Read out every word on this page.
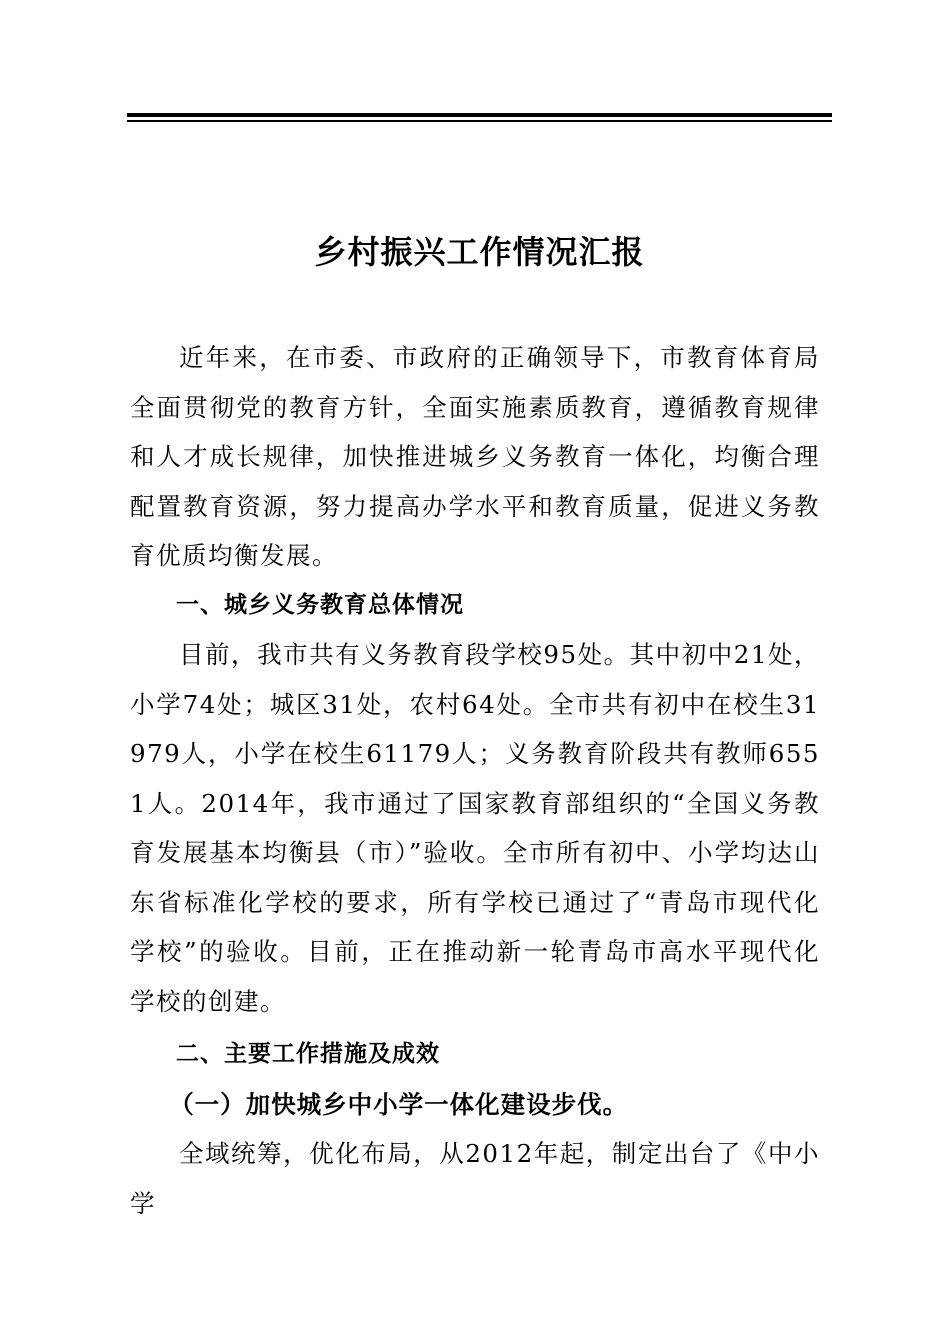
乡村振兴工作情况汇报

近年来，在市委、市政府的正确领导下，市教育体育局全面贯彻党的教育方针，全面实施素质教育，遵循教育规律和人才成长规律，加快推进城乡义务教育一体化，均衡合理配置教育资源，努力提高办学水平和教育质量，促进义务教育优质均衡发展。

一、城乡义务教育总体情况

目前，我市共有义务教育段学校95处。其中初中21处，小学74处；城区31处，农村64处。全市共有初中在校生31979人，小学在校生61179人；义务教育阶段共有教师6551人。2014年，我市通过了国家教育部组织的“全国义务教育发展基本均衡县（市）”验收。全市所有初中、小学均达山东省标准化学校的要求，所有学校已通过了“青岛市现代化学校”的验收。目前，正在推动新一轮青岛市高水平现代化学校的创建。

二、主要工作措施及成效

（一）加快城乡中小学一体化建设步伐。

全域统筹，优化布局，从2012年起，制定出台了《中小学
